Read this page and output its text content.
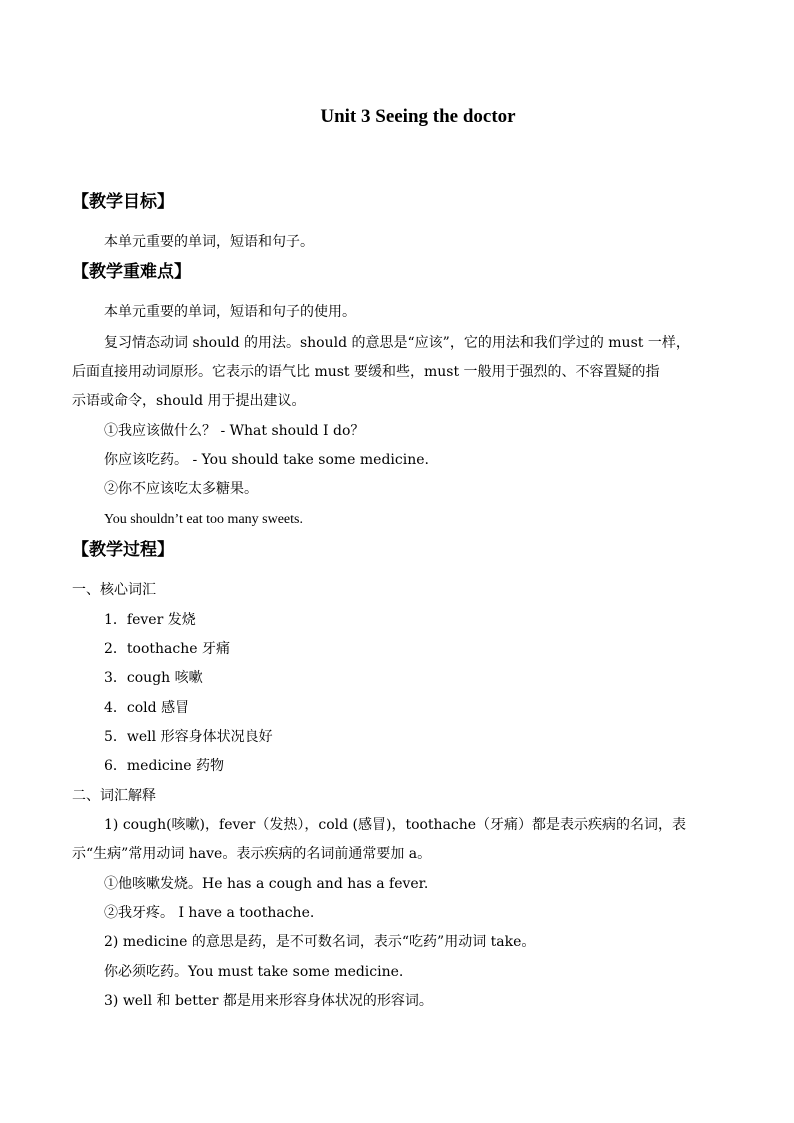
Unit 3 Seeing the doctor
【教学目标】
本单元重要的单词，短语和句子。
【教学重难点】
本单元重要的单词，短语和句子的使用。
复习情态动词 should 的用法。should 的意思是“应该”，它的用法和我们学过的 must 一样，
后面直接用动词原形。它表示的语气比 must 要缓和些，must 一般用于强烈的、不容置疑的指
示语或命令，should 用于提出建议。
①我应该做什么？ - What should I do？
你应该吃药。 - You should take some medicine.
②你不应该吃太多糖果。
You shouldn’t eat too many sweets.
【教学过程】
一、核心词汇
1．fever 发烧
2．toothache 牙痛
3．cough 咳嗽
4．cold 感冒
5．well 形容身体状况良好
6．medicine 药物
二、词汇解释
1) cough(咳嗽)，fever（发热），cold (感冒)，toothache（牙痛）都是表示疾病的名词，表
示“生病”常用动词 have。表示疾病的名词前通常要加 a。
①他咳嗽发烧。He has a cough and has a fever.
②我牙疼。 I have a toothache.
2) medicine 的意思是药，是不可数名词，表示“吃药”用动词 take。
你必须吃药。You must take some medicine.
3) well 和 better 都是用来形容身体状况的形容词。
